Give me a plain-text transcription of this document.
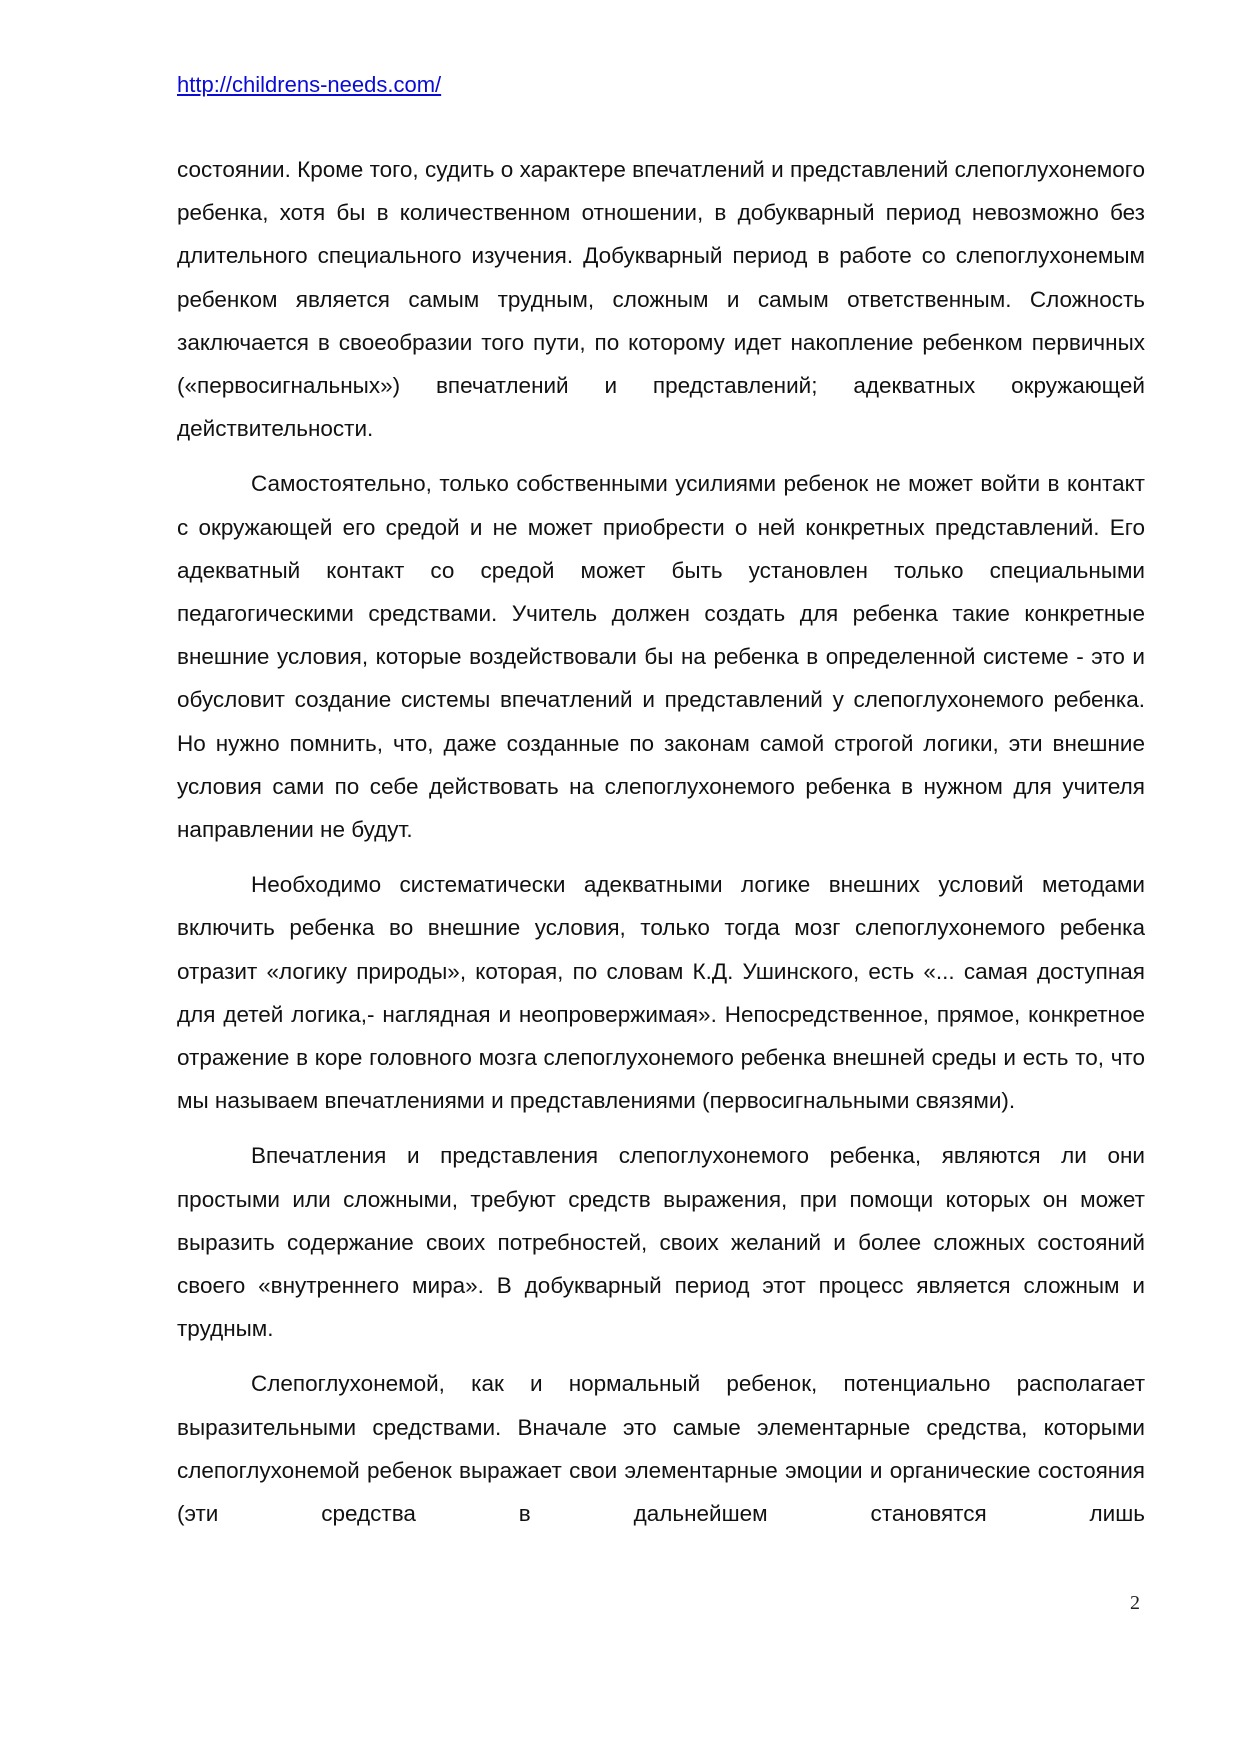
http://childrens-needs.com/

состоянии. Кроме того, судить о характере впечатлений и представлений слепоглухонемого ребенка, хотя бы в количественном отношении, в добукварный период невозможно без длительного специального изучения. Добукварный период в работе со слепоглухонемым ребенком является самым трудным, сложным и самым ответственным. Сложность заключается в своеобразии того пути, по которому идет накопление ребенком первичных («первосигнальных») впечатлений и представлений; адекватных окружающей действительности.

Самостоятельно, только собственными усилиями ребенок не может войти в контакт с окружающей его средой и не может приобрести о ней конкретных представлений. Его адекватный контакт со средой может быть установлен только специальными педагогическими средствами. Учитель должен создать для ребенка такие конкретные внешние условия, которые воздействовали бы на ребенка в определенной системе - это и обусловит создание системы впечатлений и представлений у слепоглухонемого ребенка. Но нужно помнить, что, даже созданные по законам самой строгой логики, эти внешние условия сами по себе действовать на слепоглухонемого ребенка в нужном для учителя направлении не будут.

Необходимо систематически адекватными логике внешних условий методами включить ребенка во внешние условия, только тогда мозг слепоглухонемого ребенка отразит «логику природы», которая, по словам К.Д. Ушинского, есть «... самая доступная для детей логика,- наглядная и неопровержимая». Непосредственное, прямое, конкретное отражение в коре головного мозга слепоглухонемого ребенка внешней среды и есть то, что мы называем впечатлениями и представлениями (первосигнальными связями).

Впечатления и представления слепоглухонемого ребенка, являются ли они простыми или сложными, требуют средств выражения, при помощи которых он может выразить содержание своих потребностей, своих желаний и более сложных состояний своего «внутреннего мира». В добукварный период этот процесс является сложным и трудным.

Слепоглухонемой, как и нормальный ребенок, потенциально располагает выразительными средствами. Вначале это самые элементарные средства, которыми слепоглухонемой ребенок выражает свои элементарные эмоции и органические состояния (эти средства в дальнейшем становятся лишь

2
